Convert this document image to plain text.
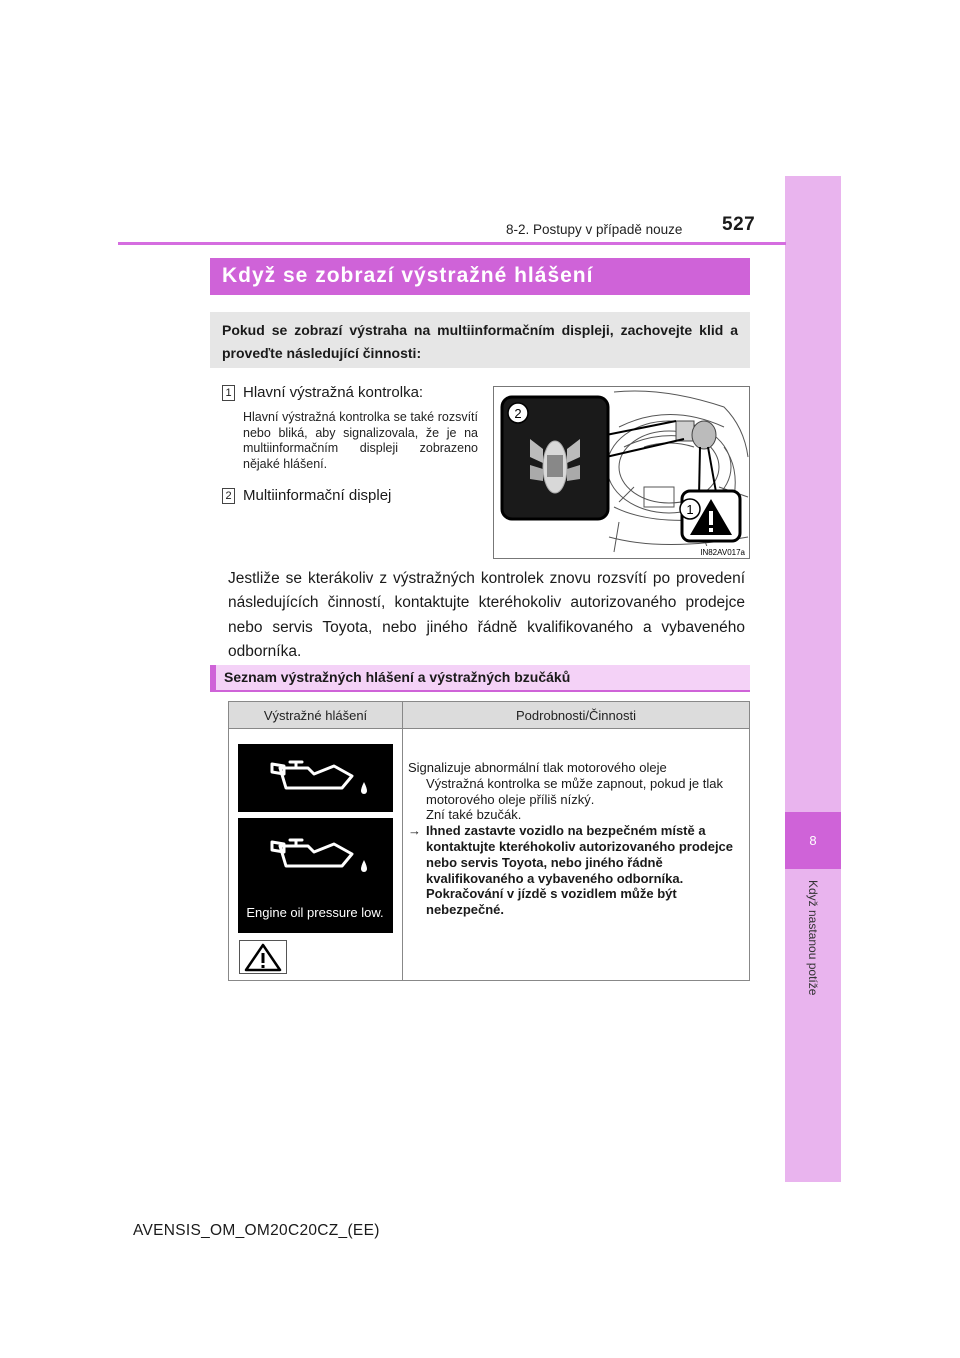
8
Když nastanou potíže
8-2. Postupy v případě nouze 527
Když se zobrazí výstražné hlášení
Pokud se zobrazí výstraha na multiinformačním displeji, zachovejte klid a proveďte následující činnosti:
1 Hlavní výstražná kontrolka:
Hlavní výstražná kontrolka se také rozsvítí nebo bliká, aby signalizovala, že je na multiinformačním displeji zobrazeno nějaké hlášení.
2 Multiinformační displej
2
1
IN82AV017a
Jestliže se kterákoliv z výstražných kontrolek znovu rozsvítí po provedení následujících činností, kontaktujte kteréhokoliv autorizovaného prodejce nebo servis Toyota, nebo jiného řádně kvalifikovaného a vybaveného odborníka.
Seznam výstražných hlášení a výstražných bzučáků
Výstražné hlášení	Podrobnosti/Činnosti
Engine oil pressure low.
Signalizuje abnormální tlak motorového oleje
Výstražná kontrolka se může zapnout, pokud je tlak motorového oleje příliš nízký.
Zní také bzučák.
→ Ihned zastavte vozidlo na bezpečném místě a kontaktujte kteréhokoliv autorizovaného prodejce nebo servis Toyota, nebo jiného řádně kvalifikovaného a vybaveného odborníka.
Pokračování v jízdě s vozidlem může být nebezpečné.
AVENSIS_OM_OM20C20CZ_(EE)
